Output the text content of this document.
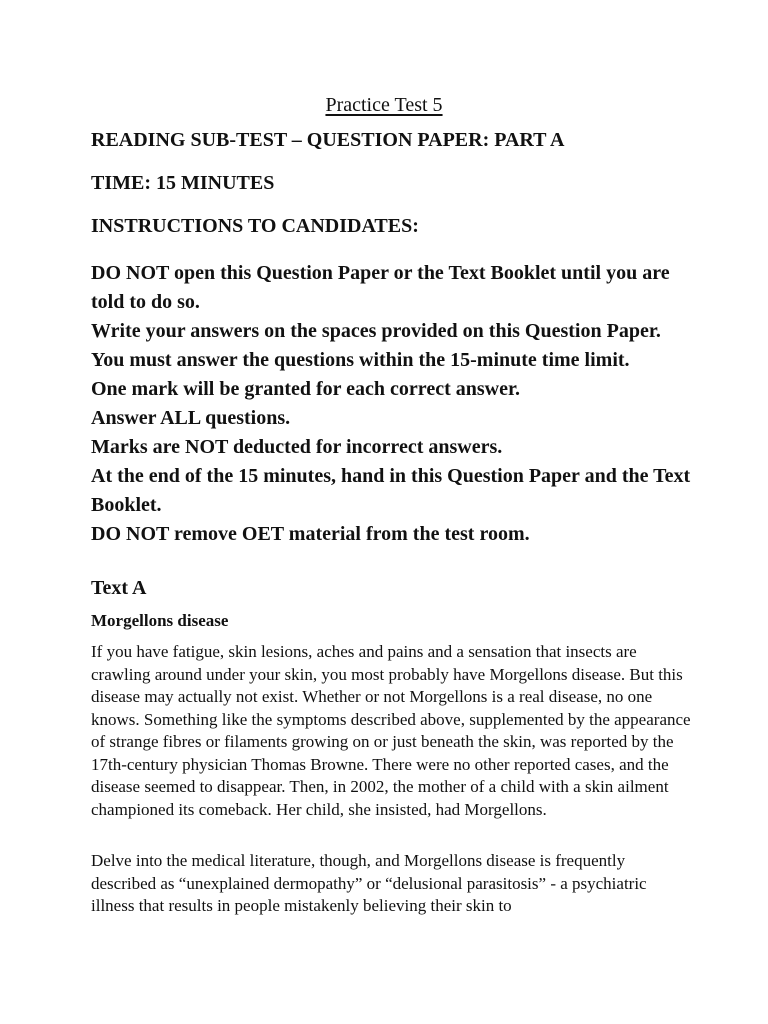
Practice Test 5
READING SUB-TEST – QUESTION PAPER: PART A
TIME: 15 MINUTES
INSTRUCTIONS TO CANDIDATES:

DO NOT open this Question Paper or the Text Booklet until you are told to do so.

Write your answers on the spaces provided on this Question Paper.

You must answer the questions within the 15-minute time limit.

One mark will be granted for each correct answer.

Answer ALL questions.

Marks are NOT deducted for incorrect answers.

At the end of the 15 minutes, hand in this Question Paper and the Text Booklet.

DO NOT remove OET material from the test room.

Text A
Morgellons disease

If you have fatigue, skin lesions, aches and pains and a sensation that insects are crawling around under your skin, you most probably have Morgellons disease. But this disease may actually not exist. Whether or not Morgellons is a real disease, no one knows. Something like the symptoms described above, supplemented by the appearance of strange fibres or filaments growing on or just beneath the skin, was reported by the 17th-century physician Thomas Browne. There were no other reported cases, and the disease seemed to disappear. Then, in 2002, the mother of a child with a skin ailment championed its comeback. Her child, she insisted, had Morgellons.

Delve into the medical literature, though, and Morgellons disease is frequently described as “unexplained dermopathy” or “delusional parasitosis” - a psychiatric illness that results in people mistakenly believing their skin to
